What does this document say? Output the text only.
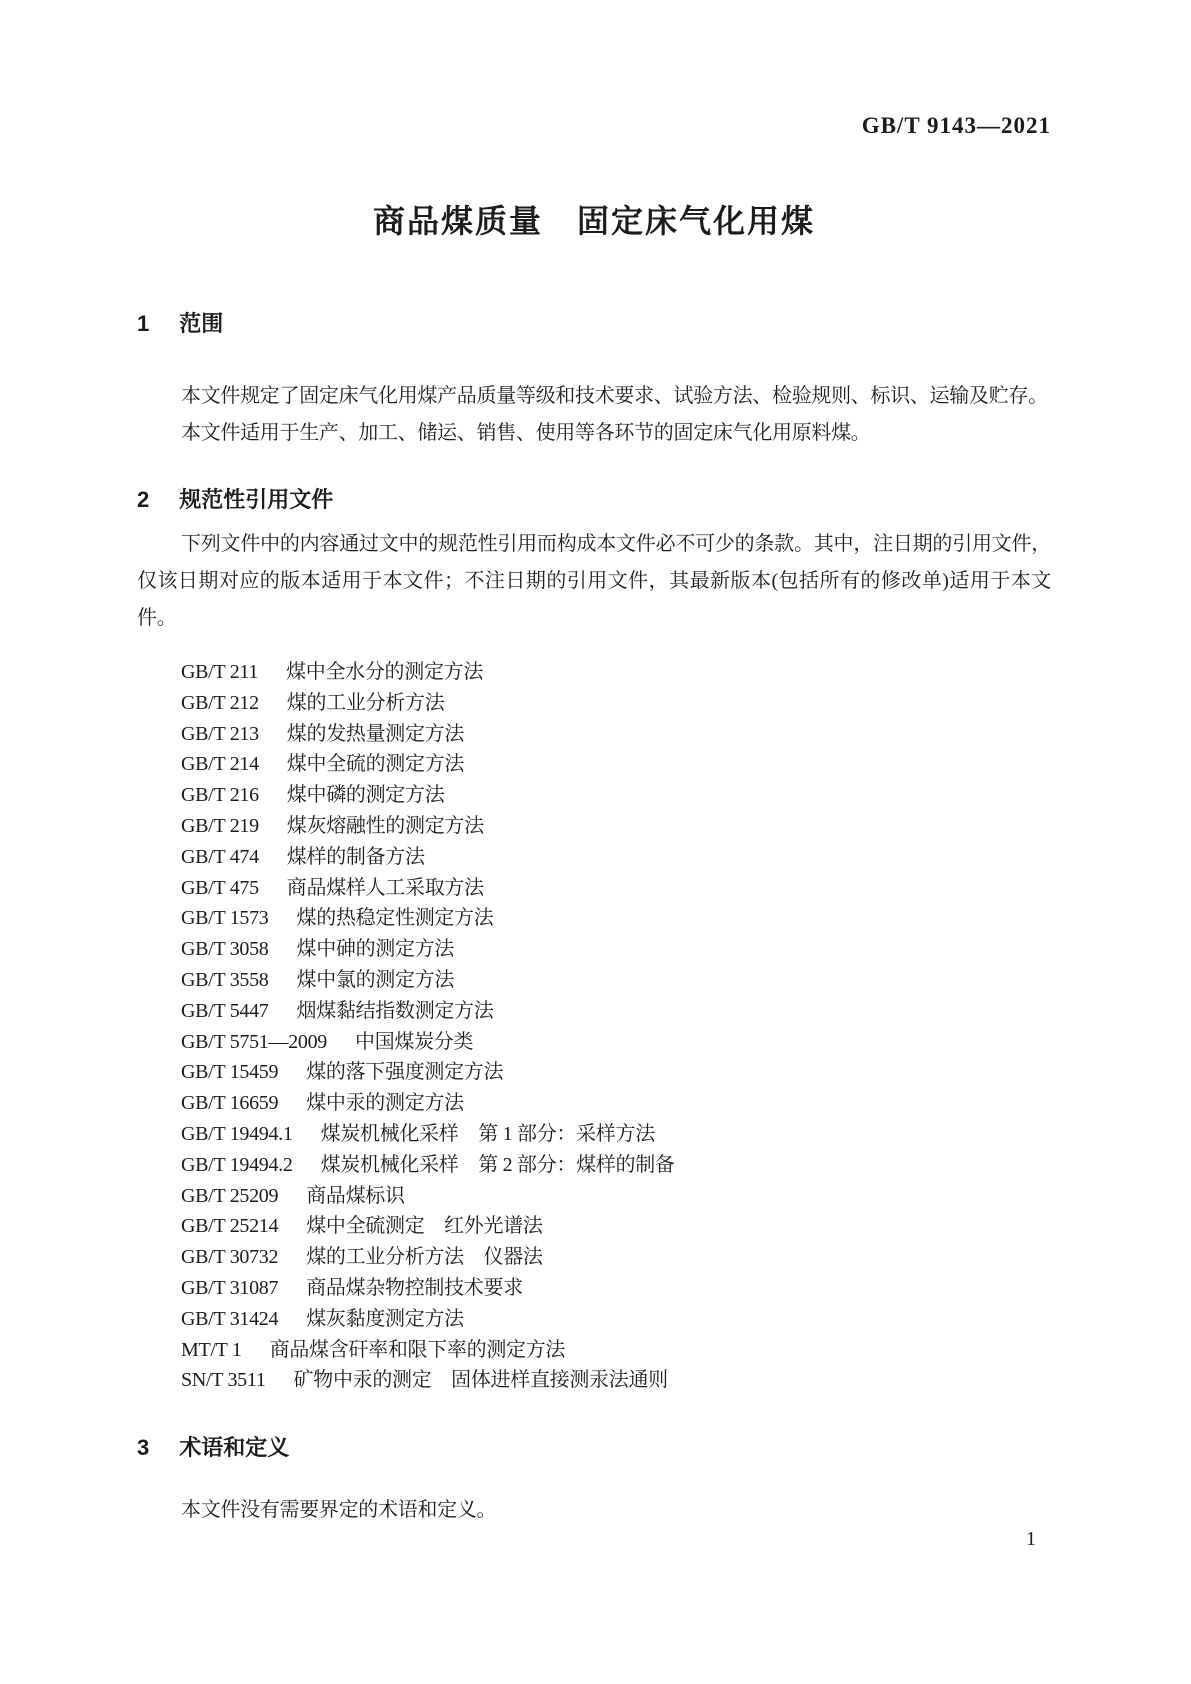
GB/T 9143—2021
商品煤质量　固定床气化用煤
1 范围

本文件规定了固定床气化用煤产品质量等级和技术要求、试验方法、检验规则、标识、运输及贮存。

本文件适用于生产、加工、储运、销售、使用等各环节的固定床气化用原料煤。

2 规范性引用文件

下列文件中的内容通过文中的规范性引用而构成本文件必不可少的条款。其中，注日期的引用文件，仅该日期对应的版本适用于本文件；不注日期的引用文件，其最新版本(包括所有的修改单)适用于本文件。

GB/T 211 煤中全水分的测定方法
GB/T 212 煤的工业分析方法
GB/T 213 煤的发热量测定方法
GB/T 214 煤中全硫的测定方法
GB/T 216 煤中磷的测定方法
GB/T 219 煤灰熔融性的测定方法
GB/T 474 煤样的制备方法
GB/T 475 商品煤样人工采取方法
GB/T 1573 煤的热稳定性测定方法
GB/T 3058 煤中砷的测定方法
GB/T 3558 煤中氯的测定方法
GB/T 5447 烟煤黏结指数测定方法
GB/T 5751—2009 中国煤炭分类
GB/T 15459 煤的落下强度测定方法
GB/T 16659 煤中汞的测定方法
GB/T 19494.1 煤炭机械化采样　第 1 部分：采样方法
GB/T 19494.2 煤炭机械化采样　第 2 部分：煤样的制备
GB/T 25209 商品煤标识
GB/T 25214 煤中全硫测定　红外光谱法
GB/T 30732 煤的工业分析方法　仪器法
GB/T 31087 商品煤杂物控制技术要求
GB/T 31424 煤灰黏度测定方法
MT/T 1 商品煤含矸率和限下率的测定方法
SN/T 3511 矿物中汞的测定　固体进样直接测汞法通则
3 术语和定义

本文件没有需要界定的术语和定义。

1
